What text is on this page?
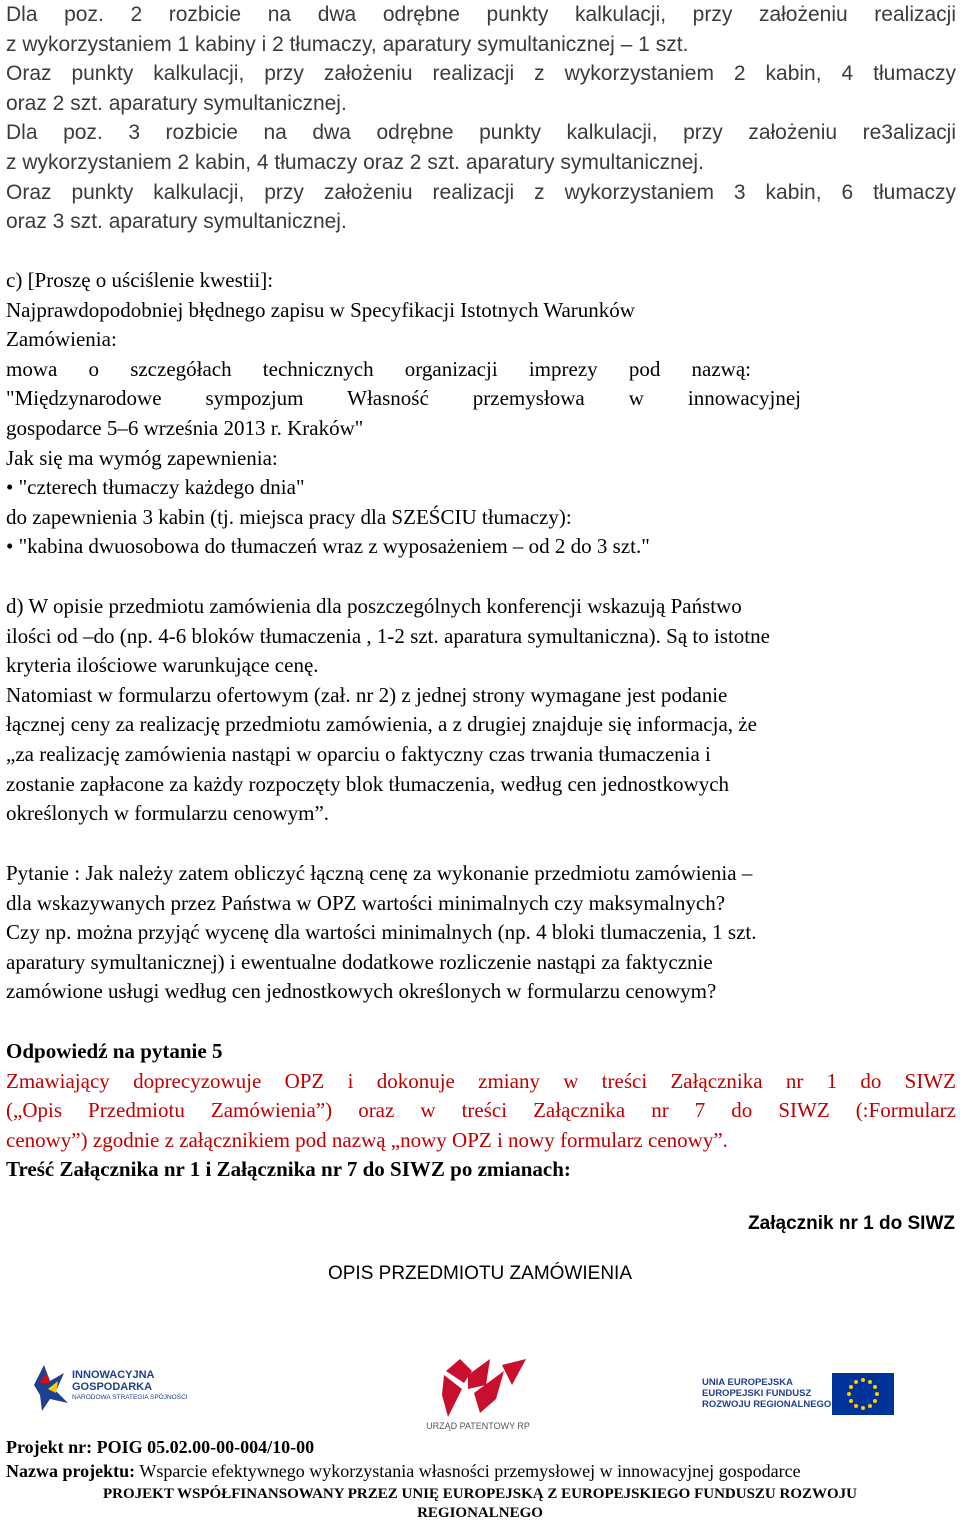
Dla poz. 2 rozbicie na dwa odrębne punkty kalkulacji, przy założeniu realizacji
z wykorzystaniem 1 kabiny i 2 tłumaczy, aparatury symultanicznej – 1 szt.
Oraz punkty kalkulacji, przy założeniu realizacji z wykorzystaniem 2 kabin, 4 tłumaczy
oraz 2 szt. aparatury symultanicznej.
Dla poz. 3 rozbicie na dwa odrębne punkty kalkulacji, przy założeniu re3alizacji
z wykorzystaniem 2 kabin, 4 tłumaczy oraz 2 szt. aparatury symultanicznej.
Oraz punkty kalkulacji, przy założeniu realizacji z wykorzystaniem 3 kabin, 6 tłumaczy
oraz 3 szt. aparatury symultanicznej.
c) [Proszę o uściślenie kwestii]:
Najprawdopodobniej błędnego zapisu w Specyfikacji Istotnych Warunków
Zamówienia:
mowa o szczegółach technicznych organizacji imprezy pod nazwą:
"Międzynarodowe sympozjum Własność przemysłowa w innowacyjnej
gospodarce 5–6 września 2013 r. Kraków"
Jak się ma wymóg zapewnienia:
• "czterech tłumaczy każdego dnia"
do zapewnienia 3 kabin (tj. miejsca pracy dla SZEŚCIU tłumaczy):
• "kabina dwuosobowa do tłumaczeń wraz z wyposażeniem – od 2 do 3 szt."
d) W opisie przedmiotu zamówienia dla poszczególnych konferencji wskazują Państwo
ilości od –do (np. 4-6 bloków tłumaczenia , 1-2 szt. aparatura symultaniczna). Są to istotne
kryteria ilościowe warunkujące cenę.
Natomiast w formularzu ofertowym (zał. nr 2) z jednej strony wymagane jest podanie
łącznej ceny za realizację przedmiotu zamówienia, a z drugiej znajduje się informacja, że
„za realizację zamówienia nastąpi w oparciu o faktyczny czas trwania tłumaczenia i
zostanie zapłacone za każdy rozpoczęty blok tłumaczenia, według cen jednostkowych
określonych w formularzu cenowym”.
Pytanie : Jak należy zatem obliczyć łączną cenę za wykonanie przedmiotu zamówienia –
dla wskazywanych przez Państwa w OPZ wartości minimalnych czy maksymalnych?
Czy np. można przyjąć wycenę dla wartości minimalnych (np. 4 bloki tlumaczenia, 1 szt.
aparatury symultanicznej) i ewentualne dodatkowe rozliczenie nastąpi za faktycznie
zamówione usługi według cen jednostkowych określonych w formularzu cenowym?
Odpowiedź na pytanie 5
Zmawiający doprecyzowuje OPZ i dokonuje zmiany w treści Załącznika nr 1 do SIWZ
(„Opis Przedmiotu Zamówienia”) oraz w treści Załącznika nr 7 do SIWZ (:Formularz
cenowy”) zgodnie z załącznikiem pod nazwą „nowy OPZ i nowy formularz cenowy”.
Treść Załącznika nr 1 i Załącznika nr 7 do SIWZ po zmianach:
Załącznik nr 1 do SIWZ
OPIS PRZEDMIOTU ZAMÓWIENIA
INNOWACYJNA
GOSPODARKA
NARODOWA STRATEGIA SPÓJNOŚCI
URZĄD PATENTOWY RP
UNIA EUROPEJSKA
EUROPEJSKI FUNDUSZ
ROZWOJU REGIONALNEGO
Projekt nr: POIG 05.02.00-00-004/10-00
Nazwa projektu: Wsparcie efektywnego wykorzystania własności przemysłowej w innowacyjnej gospodarce
PROJEKT WSPÓŁFINANSOWANY PRZEZ UNIĘ EUROPEJSKĄ Z EUROPEJSKIEGO FUNDUSZU ROZWOJU
REGIONALNEGO
